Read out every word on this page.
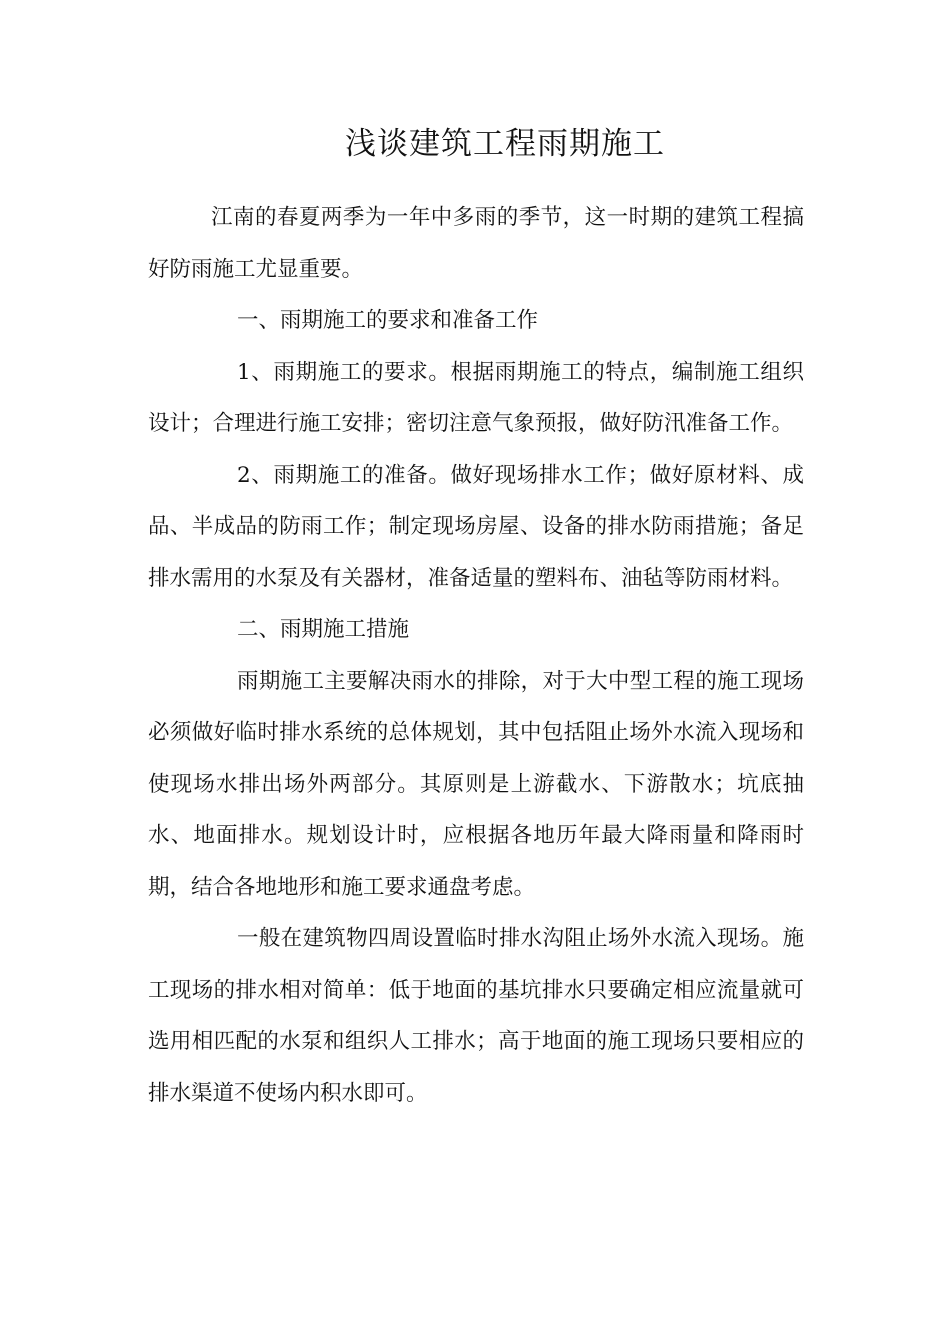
浅谈建筑工程雨期施工

江南的春夏两季为一年中多雨的季节，这一时期的建筑工程搞好防雨施工尤显重要。

一、雨期施工的要求和准备工作

1、雨期施工的要求。根据雨期施工的特点，编制施工组织设计；合理进行施工安排；密切注意气象预报，做好防汛准备工作。

2、雨期施工的准备。做好现场排水工作；做好原材料、成品、半成品的防雨工作；制定现场房屋、设备的排水防雨措施；备足排水需用的水泵及有关器材，准备适量的塑料布、油毡等防雨材料。

二、雨期施工措施

雨期施工主要解决雨水的排除，对于大中型工程的施工现场必须做好临时排水系统的总体规划，其中包括阻止场外水流入现场和使现场水排出场外两部分。其原则是上游截水、下游散水；坑底抽水、地面排水。规划设计时，应根据各地历年最大降雨量和降雨时期，结合各地地形和施工要求通盘考虑。

一般在建筑物四周设置临时排水沟阻止场外水流入现场。施工现场的排水相对简单：低于地面的基坑排水只要确定相应流量就可选用相匹配的水泵和组织人工排水；高于地面的施工现场只要相应的排水渠道不使场内积水即可。
